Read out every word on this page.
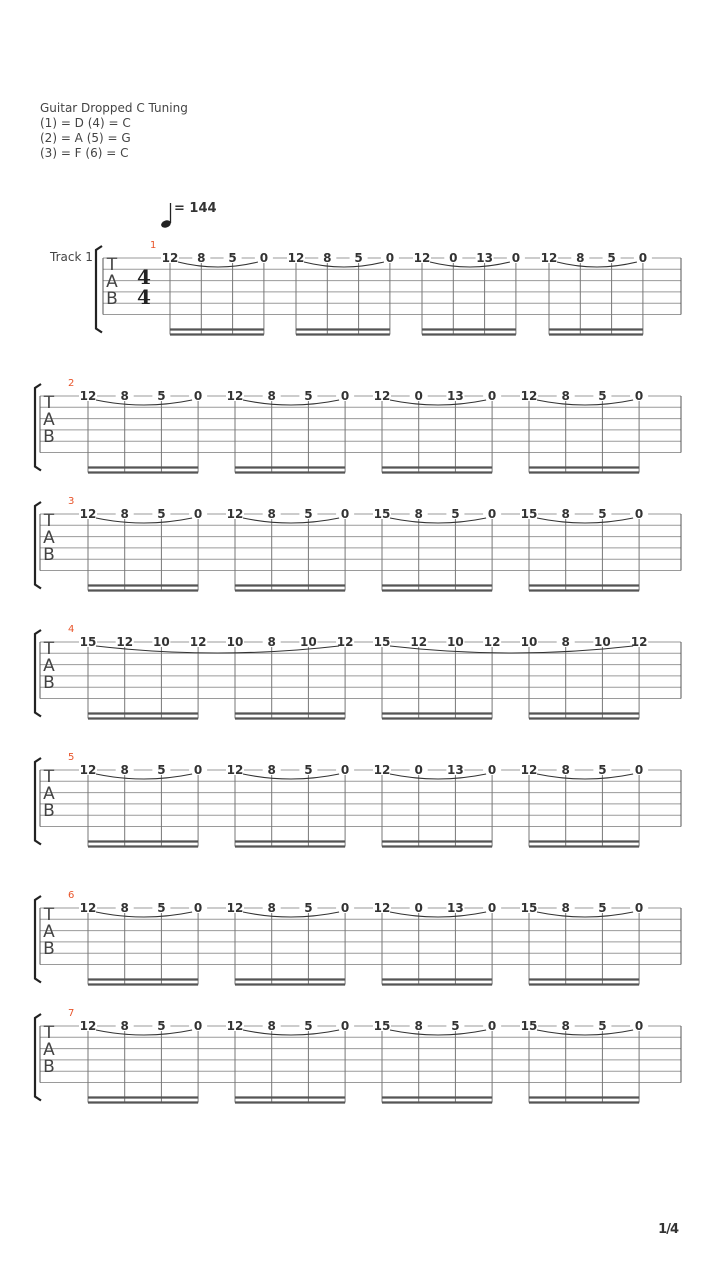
Guitar Dropped C Tuning
(1) = D (4) = C
(2) = A (5) = G
(3) = F (6) = C
= 144
Track 1 T
A
B
4
4
12 8 5 0 12 8 5 0 12 0 13 0 12 8 5 0
1
T
A
B
12 8 5 0 12 8 5 0 12 0 13 0 12 8 5 0
2
T
A
B
12 8 5 0 12 8 5 0 15 8 5 0 15 8 5 0
3
T
A
B
15 12 10 12 10 8 10 12 15 12 10 12 10 8 10 12
4
T
A
B
12 8 5 0 12 8 5 0 12 0 13 0 12 8 5 0
5
T
A
B
12 8 5 0 12 8 5 0 12 0 13 0 15 8 5 0
6
T
A
B
12 8 5 0 12 8 5 0 15 8 5 0 15 8 5 0
7
1/4
